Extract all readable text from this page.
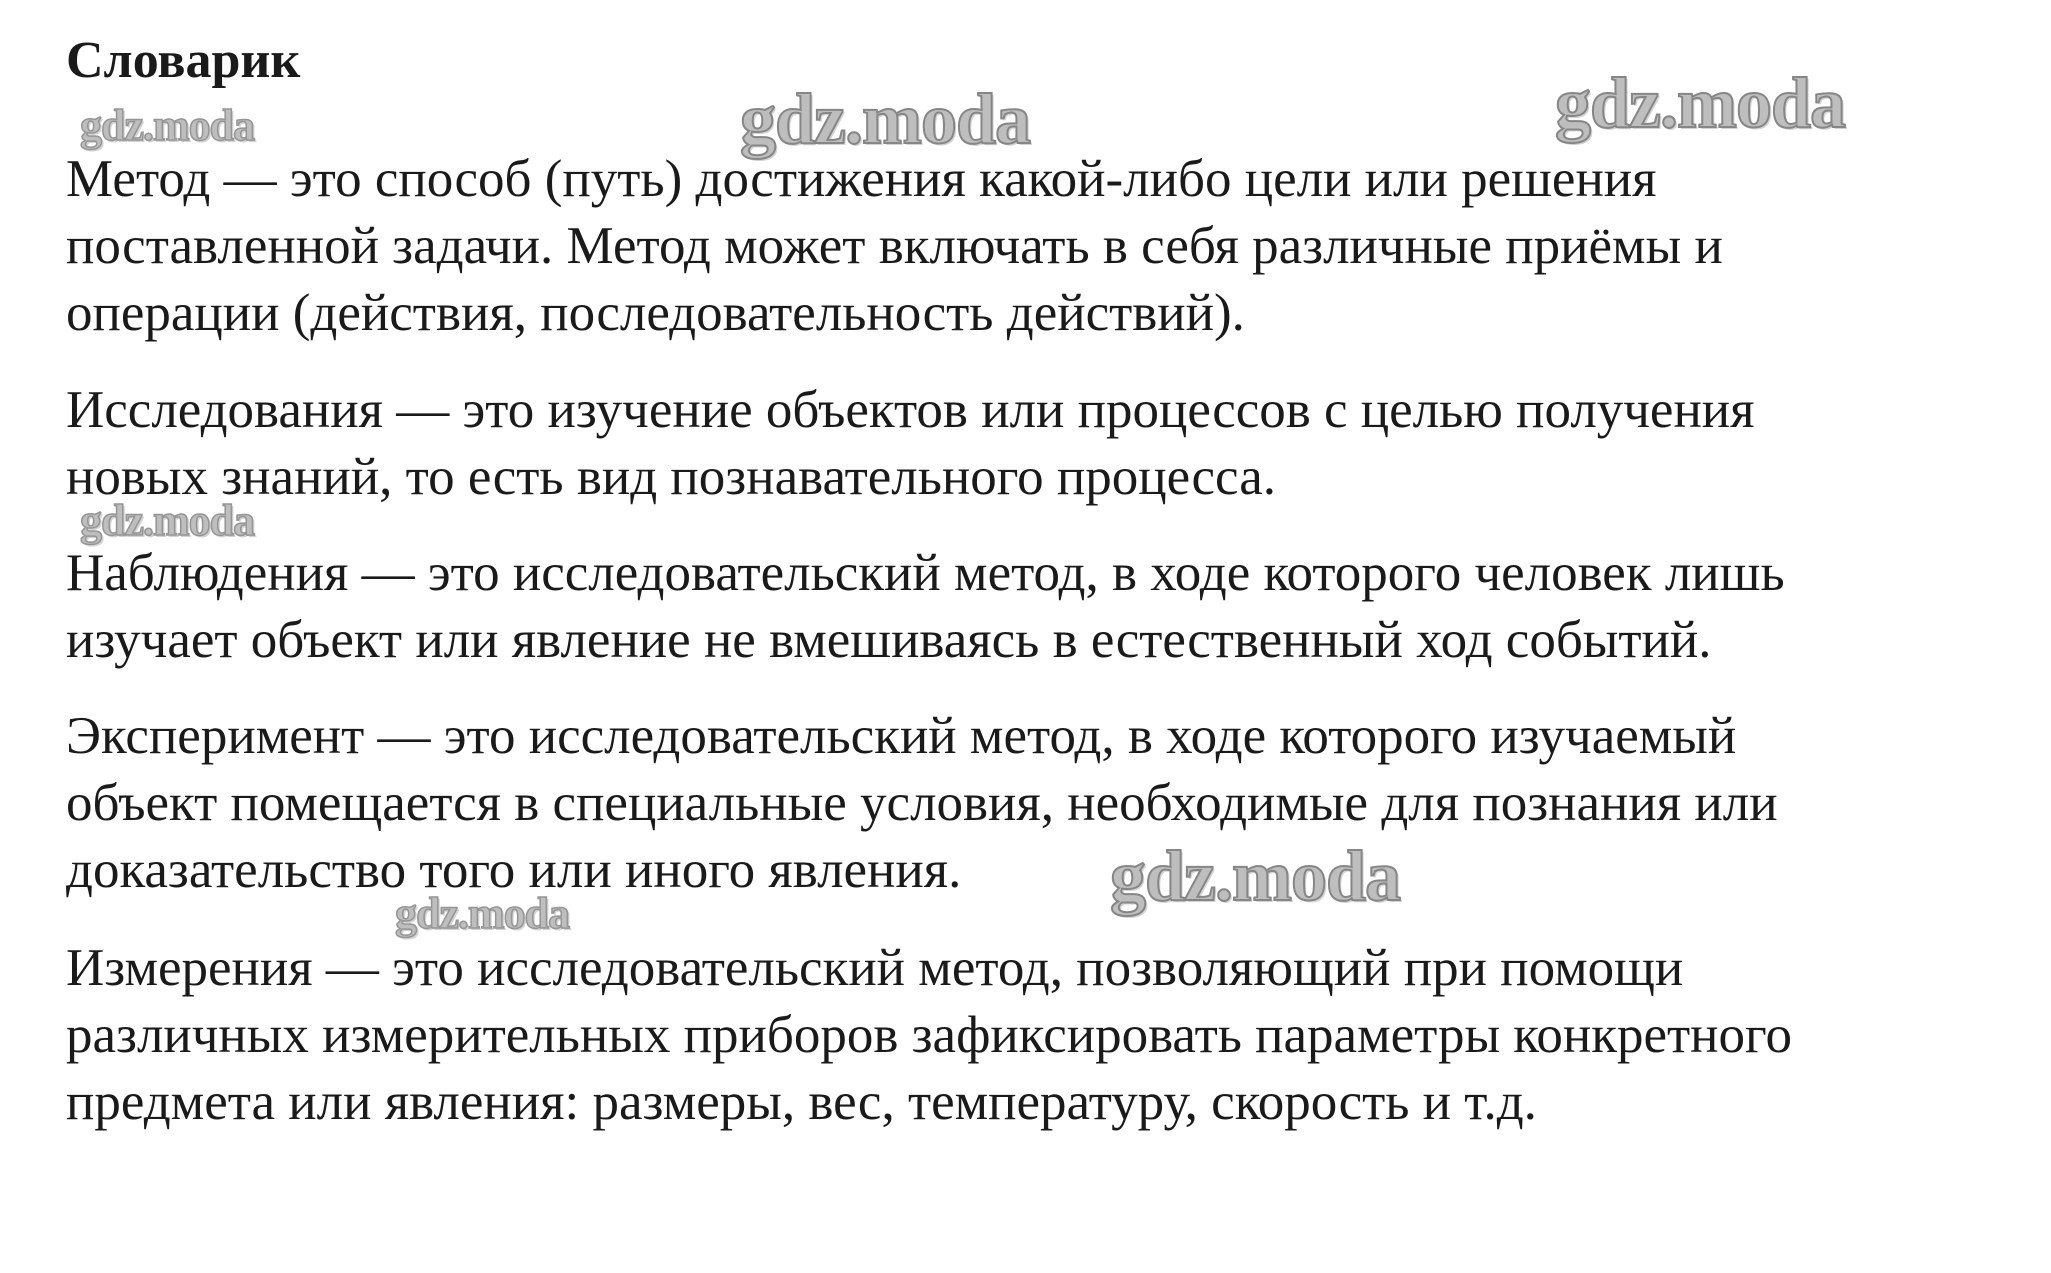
Словарик
gdz.moda	gdz.moda	gdz.moda
gdz.moda
gdz.moda
gdz.moda

Метод — это способ (путь) достижения какой-либо цели или решения
поставленной задачи. Метод может включать в себя различные приёмы и
операции (действия, последовательность действий).

Исследования — это изучение объектов или процессов с целью получения
новых знаний, то есть вид познавательного процесса.

Наблюдения — это исследовательский метод, в ходе которого человек лишь
изучает объект или явление не вмешиваясь в естественный ход событий.

Эксперимент — это исследовательский метод, в ходе которого изучаемый
объект помещается в специальные условия, необходимые для познания или
доказательство того или иного явления.

Измерения — это исследовательский метод, позволяющий при помощи
различных измерительных приборов зафиксировать параметры конкретного
предмета или явления: размеры, вес, температуру, скорость и т.д.
